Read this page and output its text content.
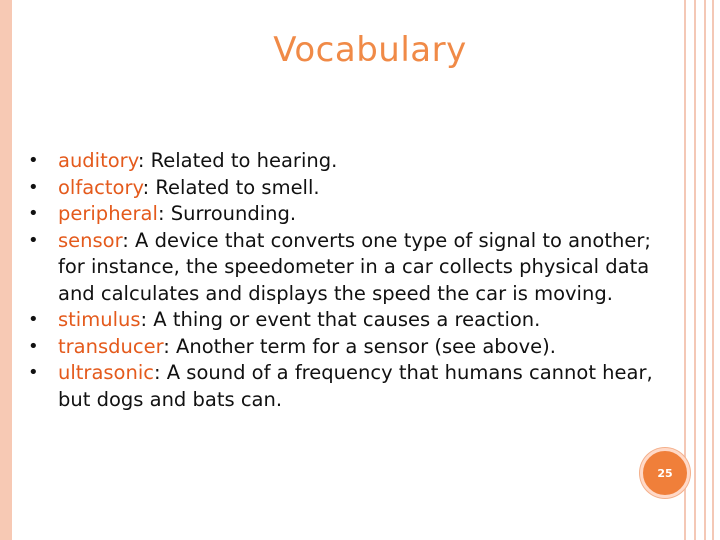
Vocabulary
• auditory: Related to hearing.
• olfactory: Related to smell.
• peripheral: Surrounding.
• sensor: A device that converts one type of signal to another; for instance, the speedometer in a car collects physical data and calculates and displays the speed the car is moving.
• stimulus: A thing or event that causes a reaction.
• transducer: Another term for a sensor (see above).
• ultrasonic: A sound of a frequency that humans cannot hear, but dogs and bats can.
25
